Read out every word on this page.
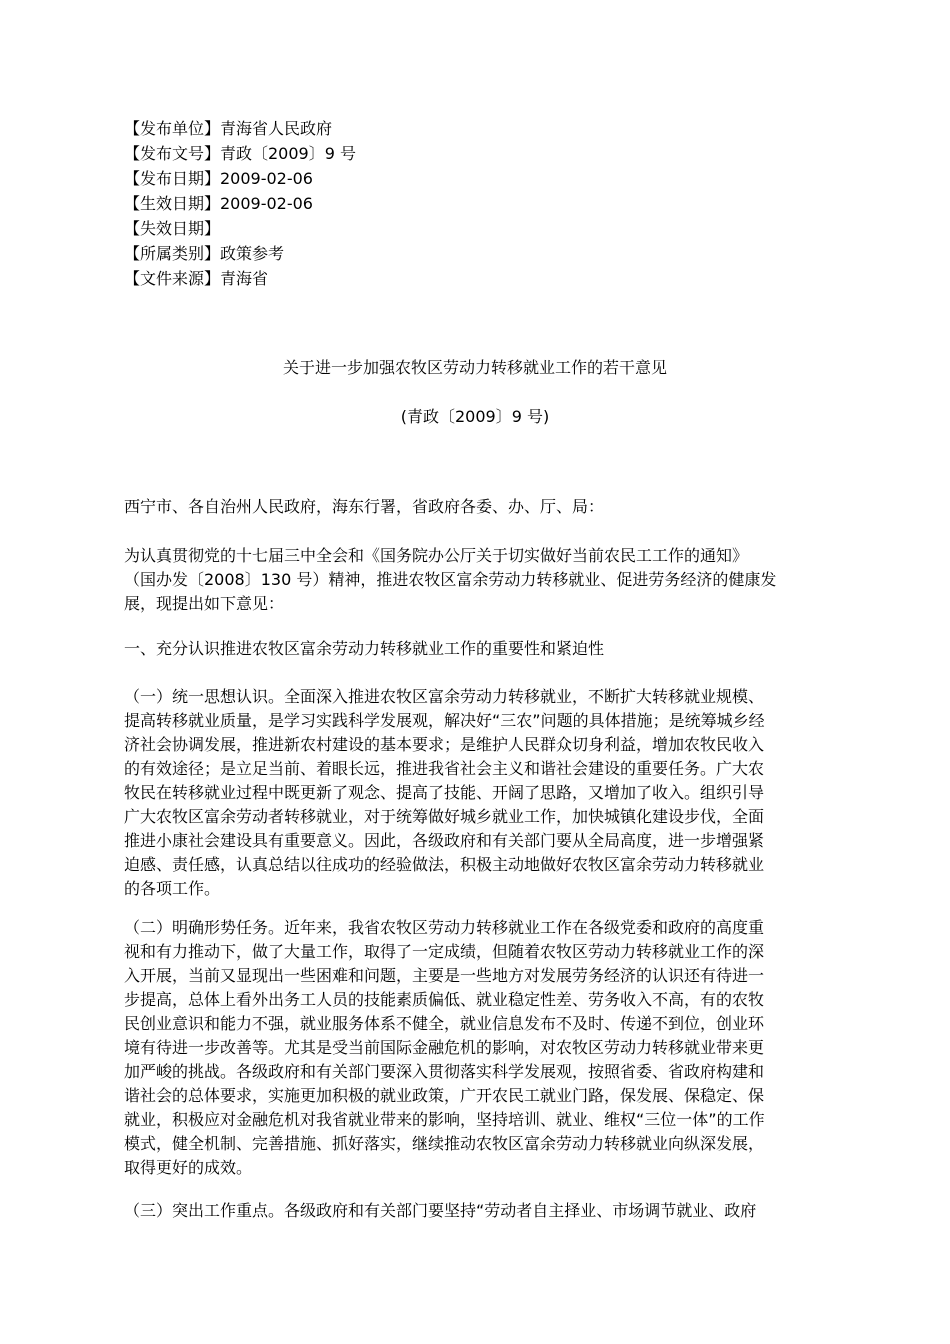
【发布单位】青海省人民政府
【发布文号】青政〔2009〕9 号
【发布日期】2009-02-06
【生效日期】2009-02-06
【失效日期】
【所属类别】政策参考
【文件来源】青海省
关于进一步加强农牧区劳动力转移就业工作的若干意见
(青政〔2009〕9 号)
西宁市、各自治州人民政府，海东行署，省政府各委、办、厅、局：
为认真贯彻党的十七届三中全会和《国务院办公厅关于切实做好当前农民工工作的通知》
（国办发〔2008〕130 号）精神，推进农牧区富余劳动力转移就业、促进劳务经济的健康发
展，现提出如下意见：
一、充分认识推进农牧区富余劳动力转移就业工作的重要性和紧迫性
（一）统一思想认识。全面深入推进农牧区富余劳动力转移就业，不断扩大转移就业规模、
提高转移就业质量，是学习实践科学发展观，解决好“三农”问题的具体措施；是统筹城乡经
济社会协调发展，推进新农村建设的基本要求；是维护人民群众切身利益，增加农牧民收入
的有效途径；是立足当前、着眼长远，推进我省社会主义和谐社会建设的重要任务。广大农
牧民在转移就业过程中既更新了观念、提高了技能、开阔了思路，又增加了收入。组织引导
广大农牧区富余劳动者转移就业，对于统筹做好城乡就业工作，加快城镇化建设步伐，全面
推进小康社会建设具有重要意义。因此，各级政府和有关部门要从全局高度，进一步增强紧
迫感、责任感，认真总结以往成功的经验做法，积极主动地做好农牧区富余劳动力转移就业
的各项工作。
（二）明确形势任务。近年来，我省农牧区劳动力转移就业工作在各级党委和政府的高度重
视和有力推动下，做了大量工作，取得了一定成绩，但随着农牧区劳动力转移就业工作的深
入开展，当前又显现出一些困难和问题，主要是一些地方对发展劳务经济的认识还有待进一
步提高，总体上看外出务工人员的技能素质偏低、就业稳定性差、劳务收入不高，有的农牧
民创业意识和能力不强，就业服务体系不健全，就业信息发布不及时、传递不到位，创业环
境有待进一步改善等。尤其是受当前国际金融危机的影响，对农牧区劳动力转移就业带来更
加严峻的挑战。各级政府和有关部门要深入贯彻落实科学发展观，按照省委、省政府构建和
谐社会的总体要求，实施更加积极的就业政策，广开农民工就业门路，保发展、保稳定、保
就业，积极应对金融危机对我省就业带来的影响，坚持培训、就业、维权“三位一体”的工作
模式，健全机制、完善措施、抓好落实，继续推动农牧区富余劳动力转移就业向纵深发展，
取得更好的成效。
（三）突出工作重点。各级政府和有关部门要坚持“劳动者自主择业、市场调节就业、政府
